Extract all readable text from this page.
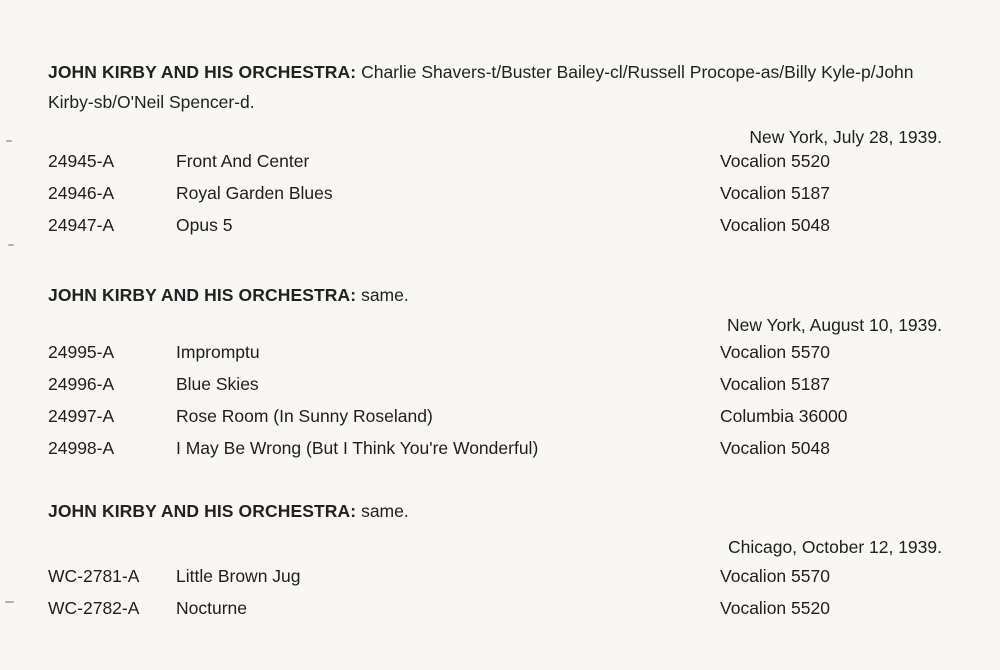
JOHN KIRBY AND HIS ORCHESTRA: Charlie Shavers-t/Buster Bailey-cl/Russell Procope-as/Billy Kyle-p/John Kirby-sb/O'Neil Spencer-d.
New York, July 28, 1939.
24945-A	Front And Center	Vocalion 5520
24946-A	Royal Garden Blues	Vocalion 5187
24947-A	Opus 5	Vocalion 5048
JOHN KIRBY AND HIS ORCHESTRA: same.
New York, August 10, 1939.
24995-A	Impromptu	Vocalion 5570
24996-A	Blue Skies	Vocalion 5187
24997-A	Rose Room (In Sunny Roseland)	Columbia 36000
24998-A	I May Be Wrong (But I Think You're Wonderful)	Vocalion 5048
JOHN KIRBY AND HIS ORCHESTRA: same.
Chicago, October 12, 1939.
WC-2781-A Little Brown Jug	Vocalion 5570
WC-2782-A Nocturne	Vocalion 5520
